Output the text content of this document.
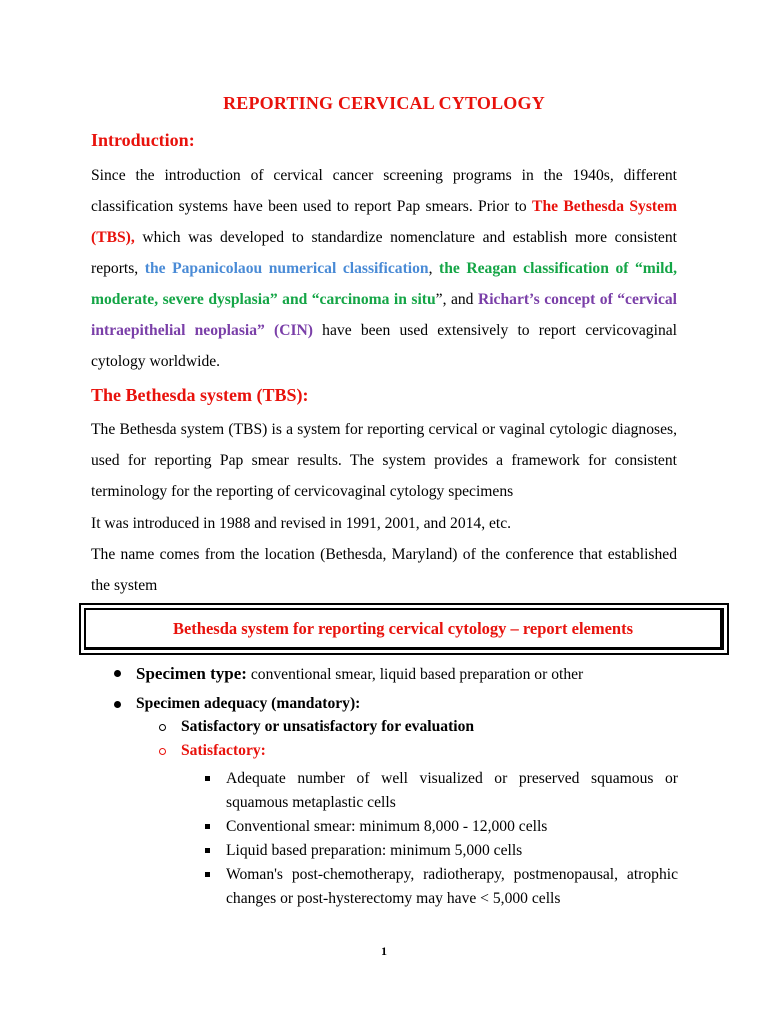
REPORTING CERVICAL CYTOLOGY
Introduction:
Since the introduction of cervical cancer screening programs in the 1940s, different classification systems have been used to report Pap smears. Prior to The Bethesda System (TBS), which was developed to standardize nomenclature and establish more consistent reports, the Papanicolaou numerical classification, the Reagan classification of “mild, moderate, severe dysplasia” and “carcinoma in situ”, and Richart’s concept of “cervical intraepithelial neoplasia” (CIN) have been used extensively to report cervicovaginal cytology worldwide.
The Bethesda system (TBS):
The Bethesda system (TBS) is a system for reporting cervical or vaginal cytologic diagnoses, used for reporting Pap smear results. The system provides a framework for consistent terminology for the reporting of cervicovaginal cytology specimens
It was introduced in 1988 and revised in 1991, 2001, and 2014, etc.
The name comes from the location (Bethesda, Maryland) of the conference that established the system
Bethesda system for reporting cervical cytology – report elements
Specimen type: conventional smear, liquid based preparation or other
Specimen adequacy (mandatory):
Satisfactory or unsatisfactory for evaluation
Satisfactory:
Adequate number of well visualized or preserved squamous or squamous metaplastic cells
Conventional smear: minimum 8,000 - 12,000 cells
Liquid based preparation: minimum 5,000 cells
Woman's post-chemotherapy, radiotherapy, postmenopausal, atrophic changes or post-hysterectomy may have < 5,000 cells
1
